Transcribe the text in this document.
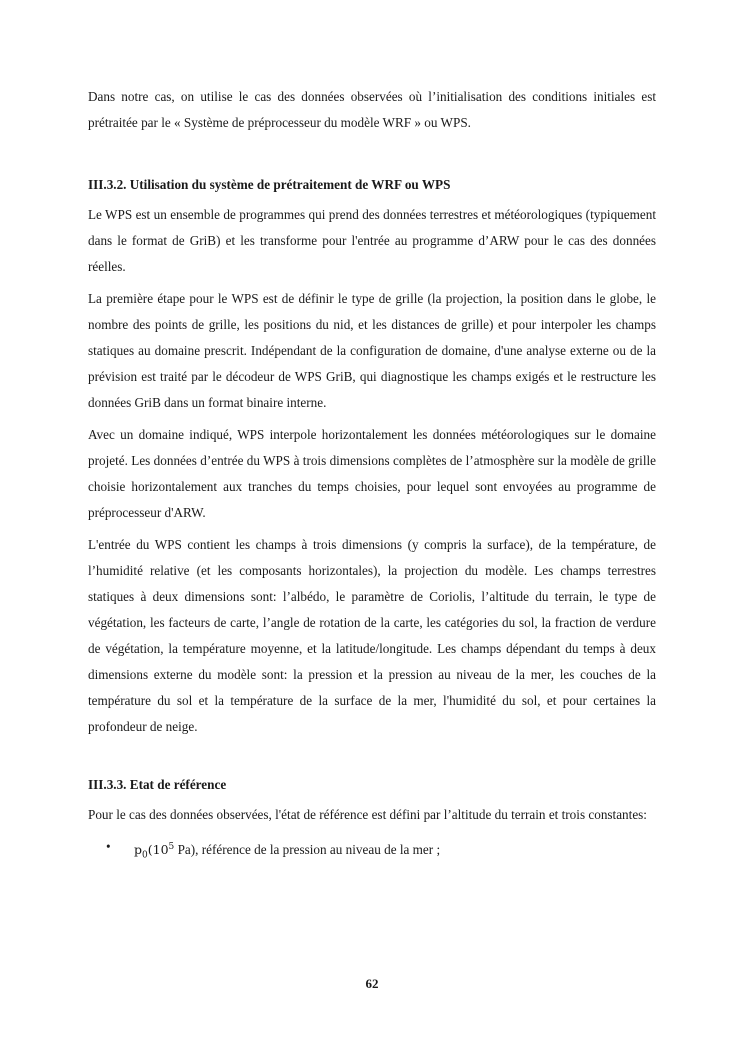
Dans notre cas, on utilise le cas des données observées où l’initialisation des conditions initiales est prétraitée par le « Système de préprocesseur du modèle WRF » ou WPS.

III.3.2. Utilisation du système de prétraitement de WRF ou WPS

Le WPS est un ensemble de programmes qui prend des données terrestres et météorologiques (typiquement dans le format de GriB) et les transforme pour l'entrée au programme d’ARW pour le cas des données réelles.

La première étape pour le WPS est de définir le type de grille (la projection, la position dans le globe, le nombre des points de grille, les positions du nid, et les distances de grille) et pour interpoler les champs statiques au domaine prescrit. Indépendant de la configuration de domaine, d'une analyse externe ou de la prévision est traité par le décodeur de WPS GriB, qui diagnostique les champs exigés et le restructure les données GriB dans un format binaire interne.

Avec un domaine indiqué, WPS interpole horizontalement les données météorologiques sur le domaine projeté. Les données d’entrée du WPS à trois dimensions complètes de l’atmosphère sur la modèle de grille choisie horizontalement aux tranches du temps choisies, pour lequel sont envoyées au programme de préprocesseur d'ARW.

L'entrée du WPS contient les champs à trois dimensions (y compris la surface), de la température, de l’humidité relative (et les composants horizontales), la projection du modèle. Les champs terrestres statiques à deux dimensions sont: l’albédo, le paramètre de Coriolis, l’altitude du terrain, le type de végétation, les facteurs de carte, l’angle de rotation de la carte, les catégories du sol, la fraction de verdure de végétation, la température moyenne, et la latitude/longitude. Les champs dépendant du temps à deux dimensions externe du modèle sont: la pression et la pression au niveau de la mer, les couches de la température du sol et la température de la surface de la mer, l'humidité du sol, et pour certaines la profondeur de neige.

III.3.3. Etat de référence

Pour le cas des données observées, l'état de référence est défini par l’altitude du terrain et trois constantes:

• $p_0(10^5$ Pa), référence de la pression au niveau de la mer ;
62
